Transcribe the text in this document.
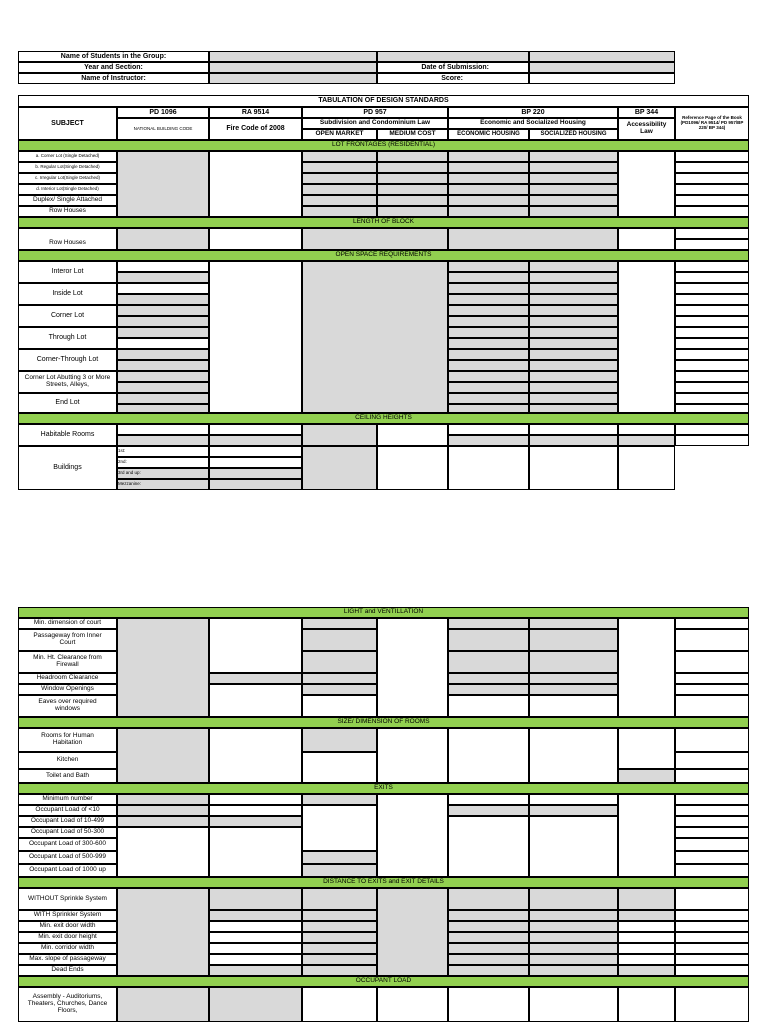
Name of Students in the Group:
Year and Section:
Name of Instructor:
Date of Submission:
Score:
TABULATION OF DESIGN STANDARDS
SUBJECT
PD 1096
NATIONAL BUILDING CODE
RA 9514
Fire Code of 2008
PD 957
Subdivision and Condominium Law
OPEN MARKET	MEDIUM COST
BP 220
Economic and Socialized Housing
ECONOMIC HOUSING	SOCIALIZED HOUSING
BP 344
Accessibility Law
Reference Page of the Book (PD1096/ RA 9514/ PD 957/BP 220/ BP 344)
LOT FRONTAGES (RESIDENTIAL)
a. Corner Lot (Single Detached)
b. Regular Lot(Single Detached)
c. Irregular Lot(Single Detached)
d. Interior Lot(Single Detached)
Duplex/ Single Attached
Row Houses
LENGTH OF BLOCK
Row Houses
OPEN SPACE REQUIREMENTS
Interor Lot
Inside Lot
Corner Lot
Through Lot
Corner-Through Lot
Corner Lot Abutting 3 or More Streets, Alleys,
End Lot
CEILING HEIGHTS
Habitable Rooms
Buildings
1st:
2nd:
3rd and up:
Mezzanine:
LIGHT and VENTILLATION
Min. dimension of court
Passageway from Inner Court
Min. Ht. Clearance from Firewall
Headroom Clearance
Window Openings
Eaves over required windows
SIZE/ DIMENSION OF ROOMS
Rooms for Human Habitation
Kitchen
Toilet and Bath
EXITS
Minimum number
Occupant Load of <10
Occupant Load of 10-499
Occupant Load of 50-300
Occupant Load of 300-600
Occupant Load of 500-999
Occupant Load of 1000 up
DISTANCE TO EXITS and EXIT DETAILS
WITHOUT Sprinkle System
WITH Sprinkler System
Min. exit door width
Min. exit door height
Min. corridor width
Max. slope of passageway
Dead Ends
OCCUPANT LOAD
Assembly - Auditoriums, Theaters, Churches, Dance Floors,
